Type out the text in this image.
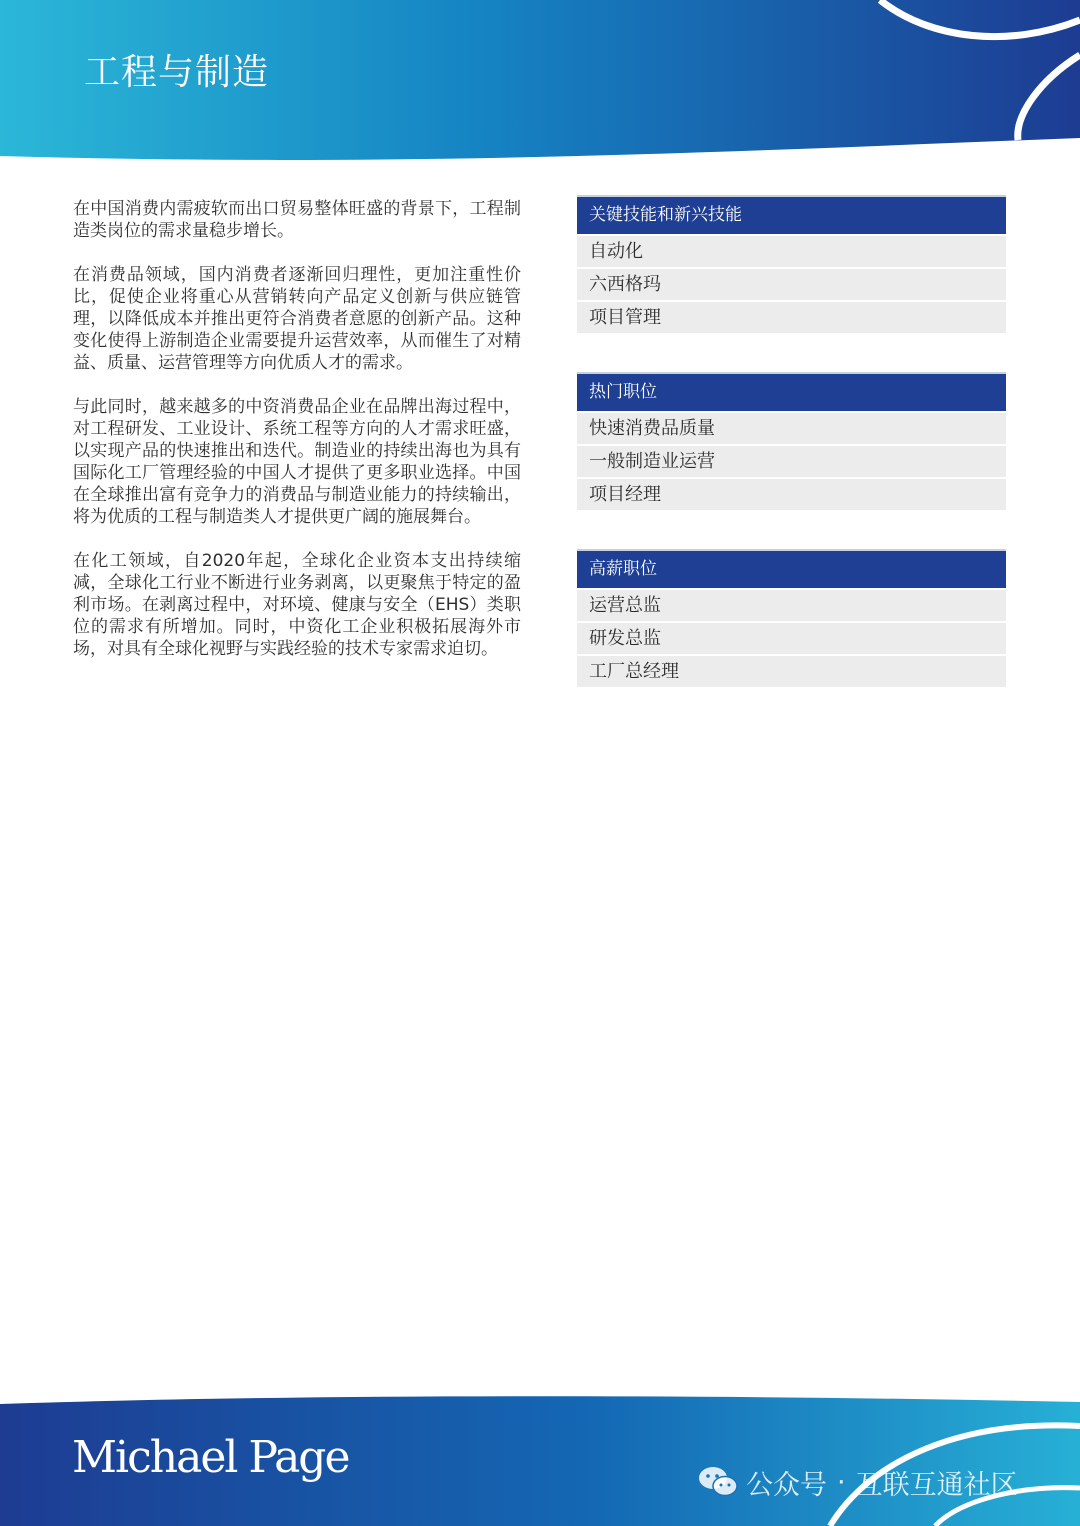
工程与制造

在中国消费内需疲软而出口贸易整体旺盛的背景下，工程制造类岗位的需求量稳步增长。

在消费品领域，国内消费者逐渐回归理性，更加注重性价比，促使企业将重心从营销转向产品定义创新与供应链管理，以降低成本并推出更符合消费者意愿的创新产品。这种变化使得上游制造企业需要提升运营效率，从而催生了对精益、质量、运营管理等方向优质人才的需求。

与此同时，越来越多的中资消费品企业在品牌出海过程中，对工程研发、工业设计、系统工程等方向的人才需求旺盛，以实现产品的快速推出和迭代。制造业的持续出海也为具有国际化工厂管理经验的中国人才提供了更多职业选择。中国在全球推出富有竞争力的消费品与制造业能力的持续输出，将为优质的工程与制造类人才提供更广阔的施展舞台。

在化工领域，自2020年起，全球化企业资本支出持续缩减，全球化工行业不断进行业务剥离，以更聚焦于特定的盈利市场。在剥离过程中，对环境、健康与安全（EHS）类职位的需求有所增加。同时，中资化工企业积极拓展海外市场，对具有全球化视野与实践经验的技术专家需求迫切。

关键技能和新兴技能
自动化
六西格玛
项目管理
热门职位
快速消费品质量
一般制造业运营
项目经理
高薪职位
运营总监
研发总监
工厂总经理
Michael Page
公众号 · 互联互通社区
